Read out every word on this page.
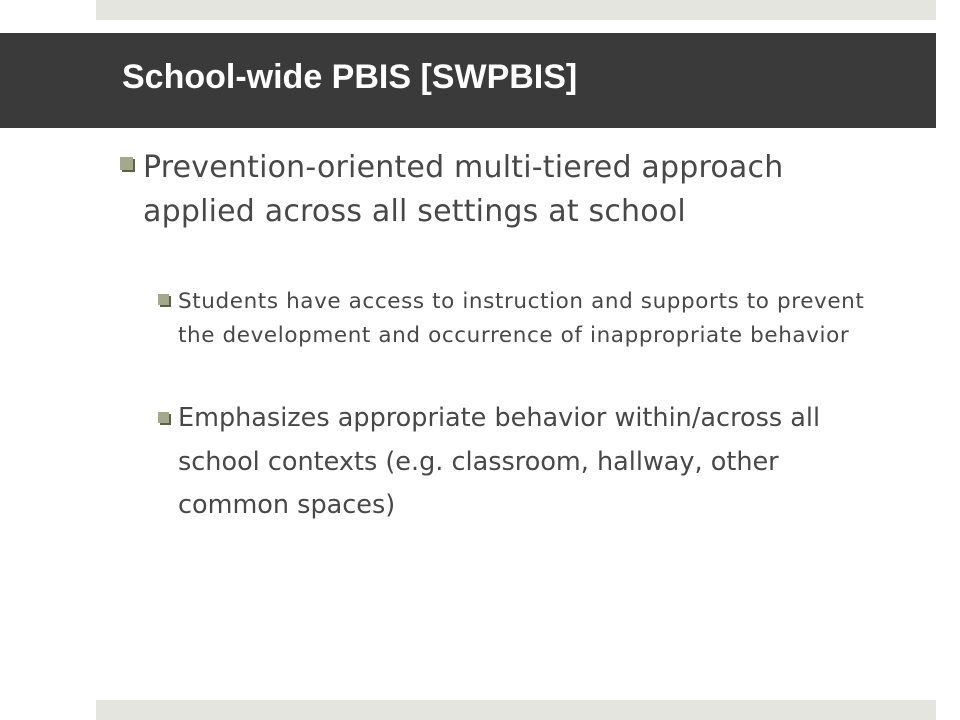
School-wide PBIS [SWPBIS]

Prevention-oriented multi-tiered approach applied across all settings at school

Students have access to instruction and supports to prevent the development and occurrence of inappropriate behavior

Emphasizes appropriate behavior within/across all school contexts (e.g. classroom, hallway, other common spaces)
